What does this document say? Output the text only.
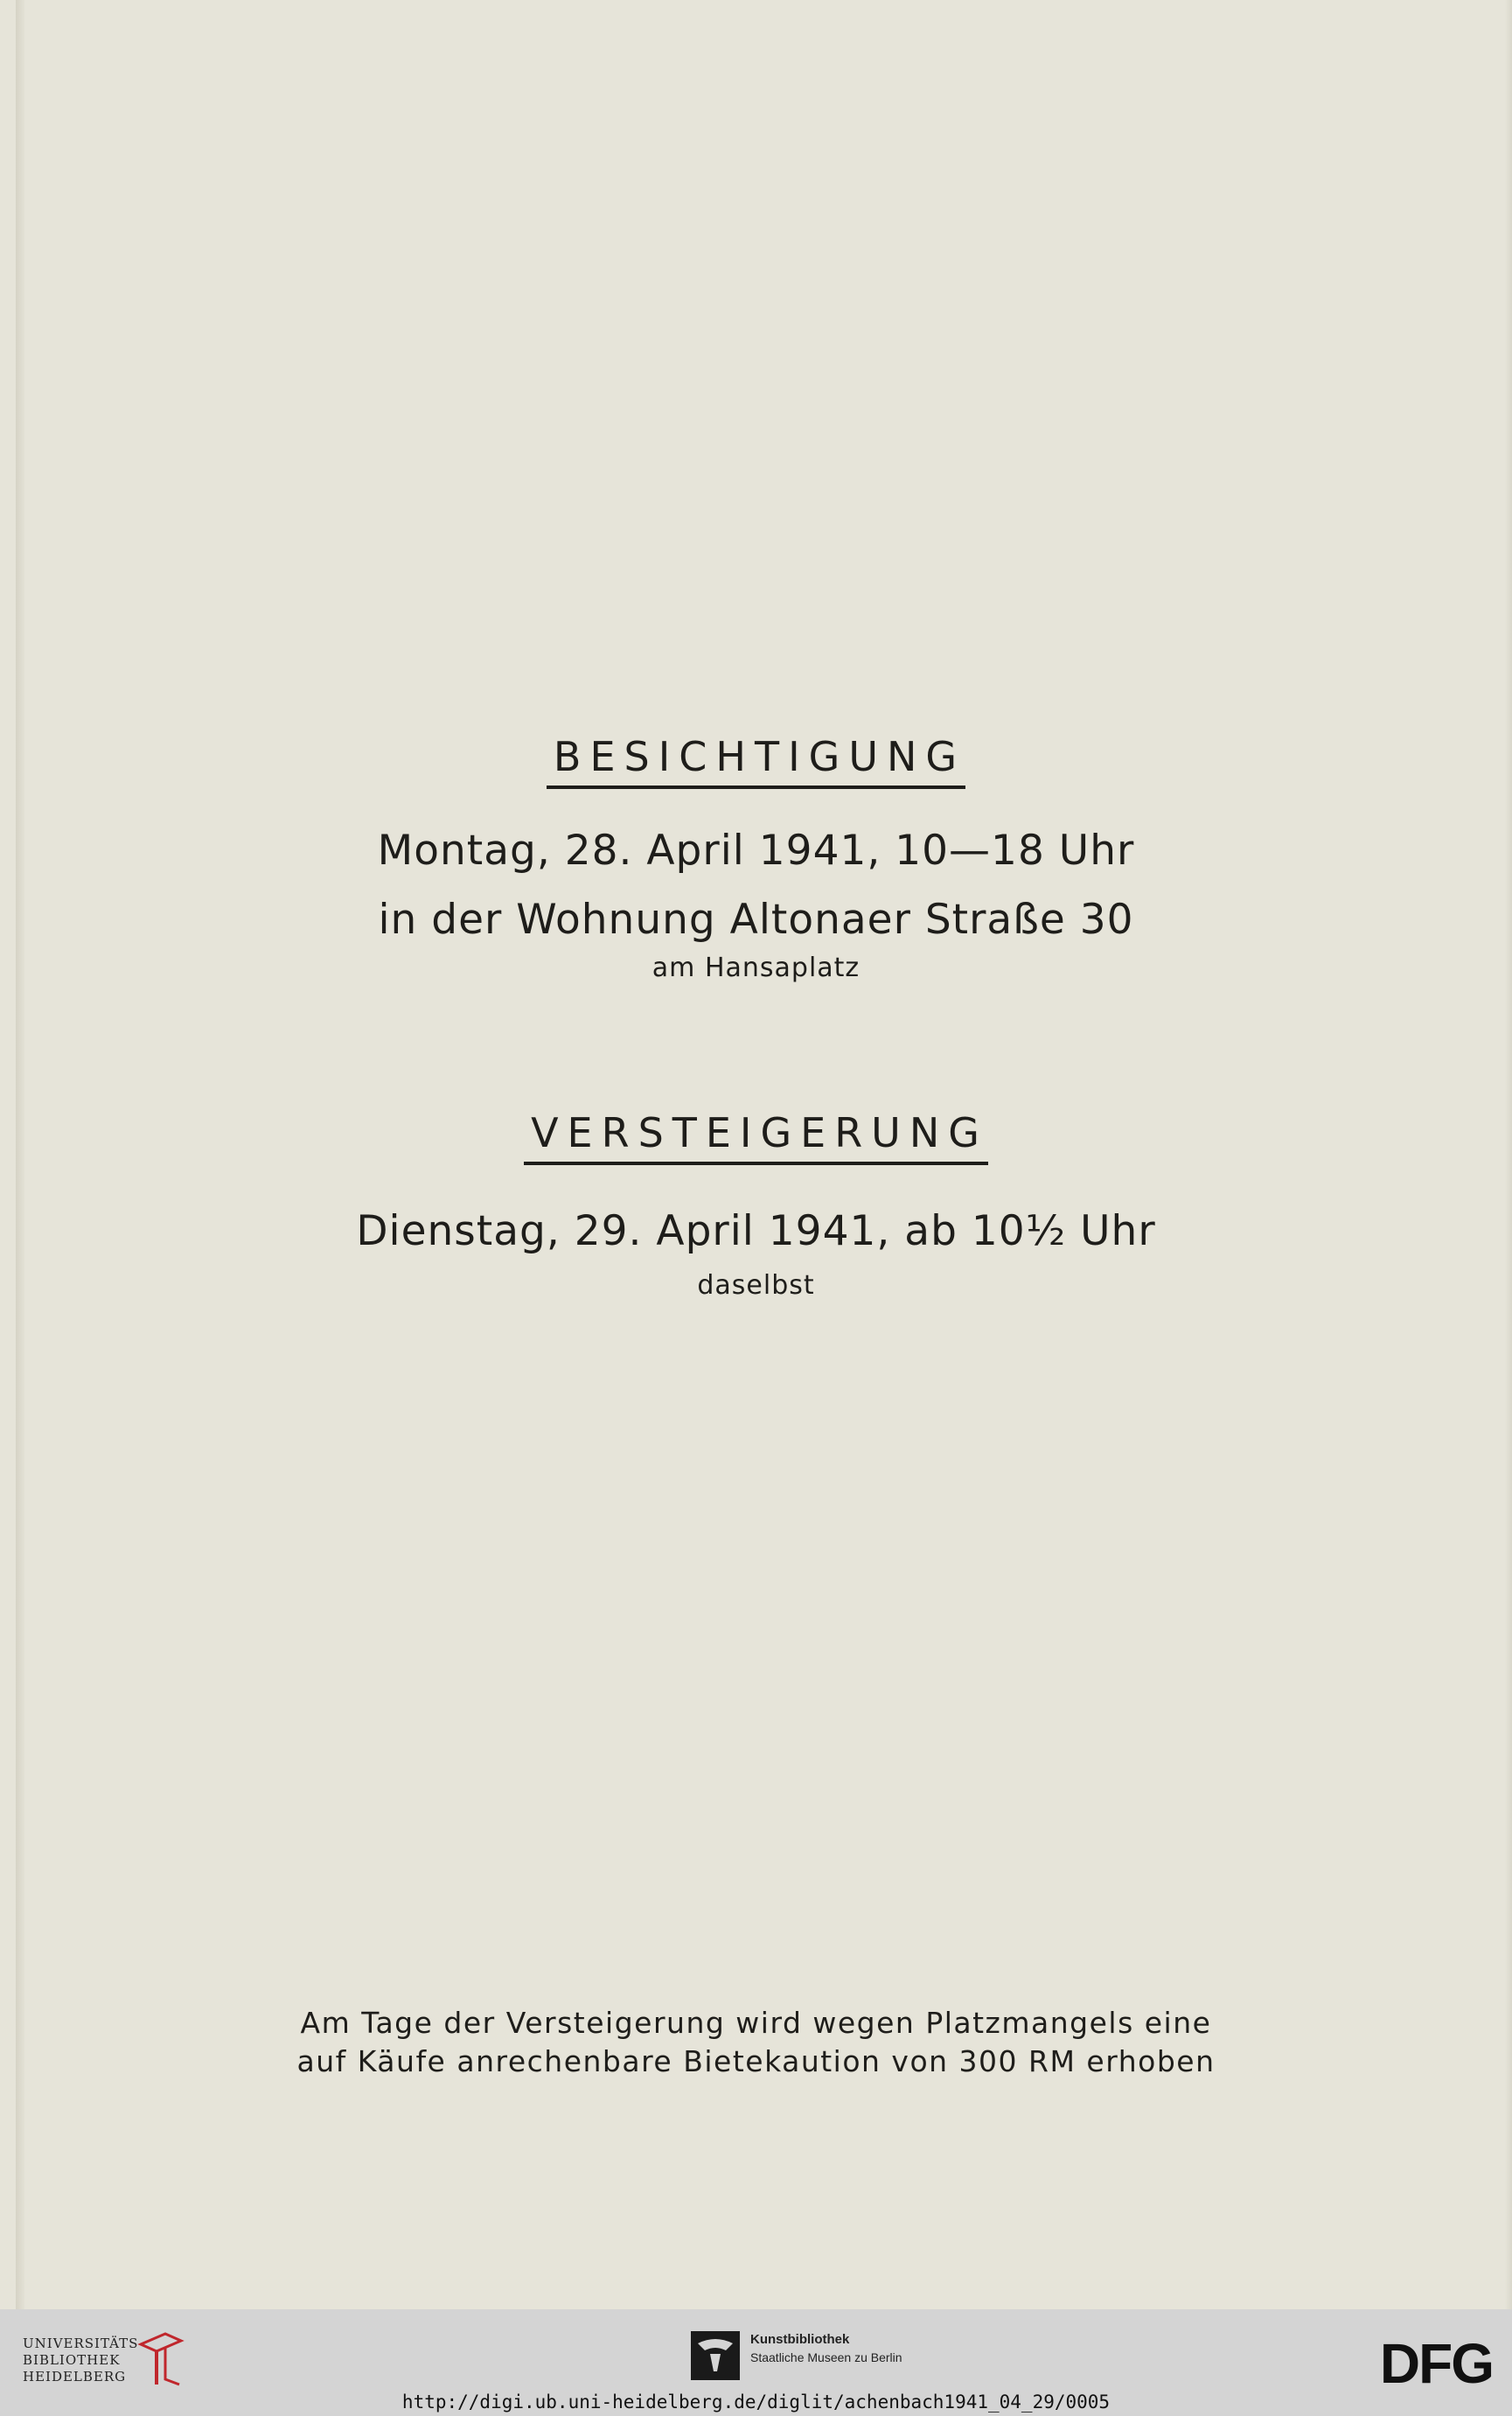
BESICHTIGUNG
Montag, 28. April 1941, 10—18 Uhr
in der Wohnung Altonaer Straße 30
am Hansaplatz
VERSTEIGERUNG
Dienstag, 29. April 1941, ab 10½ Uhr
daselbst
Am Tage der Versteigerung wird wegen Platzmangels eine
auf Käufe anrechenbare Bietekaution von 300 RM erhoben
UNIVERSITÄTS-
BIBLIOTHEK
HEIDELBERG
Kunstbibliothek
Staatliche Museen zu Berlin	DFG
http://digi.ub.uni-heidelberg.de/diglit/achenbach1941_04_29/0005
